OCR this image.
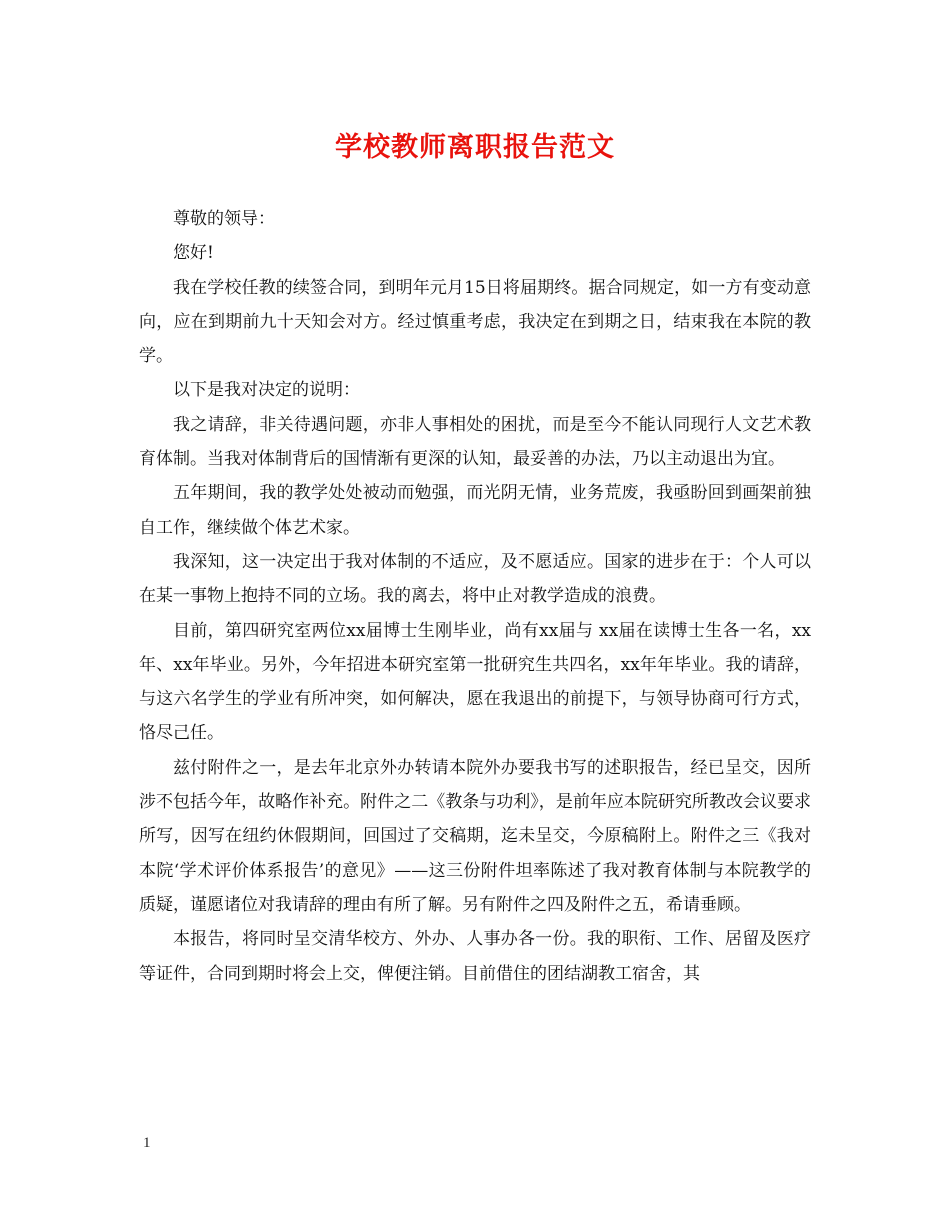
学校教师离职报告范文

尊敬的领导：

您好!

我在学校任教的续签合同，到明年元月15日将届期终。据合同规定，如一方有变动意向，应在到期前九十天知会对方。经过慎重考虑，我决定在到期之日，结束我在本院的教学。

以下是我对决定的说明：

我之请辞，非关待遇问题，亦非人事相处的困扰，而是至今不能认同现行人文艺术教育体制。当我对体制背后的国情渐有更深的认知，最妥善的办法，乃以主动退出为宜。

五年期间，我的教学处处被动而勉强，而光阴无情，业务荒废，我亟盼回到画架前独自工作，继续做个体艺术家。

我深知，这一决定出于我对体制的不适应，及不愿适应。国家的进步在于：个人可以在某一事物上抱持不同的立场。我的离去，将中止对教学造成的浪费。

目前，第四研究室两位xx届博士生刚毕业，尚有xx届与 xx届在读博士生各一名，xx年、xx年毕业。另外，今年招进本研究室第一批研究生共四名，xx年年毕业。我的请辞，与这六名学生的学业有所冲突，如何解决，愿在我退出的前提下，与领导协商可行方式，恪尽己任。

兹付附件之一，是去年北京外办转请本院外办要我书写的述职报告，经已呈交，因所涉不包括今年，故略作补充。附件之二《教条与功利》，是前年应本院研究所教改会议要求所写，因写在纽约休假期间，回国过了交稿期，迄未呈交，今原稿附上。附件之三《我对本院‘学术评价体系报告’的意见》——这三份附件坦率陈述了我对教育体制与本院教学的质疑，谨愿诸位对我请辞的理由有所了解。另有附件之四及附件之五，希请垂顾。

本报告，将同时呈交清华校方、外办、人事办各一份。我的职衔、工作、居留及医疗等证件，合同到期时将会上交，俾便注销。目前借住的团结湖教工宿舍，其

1
